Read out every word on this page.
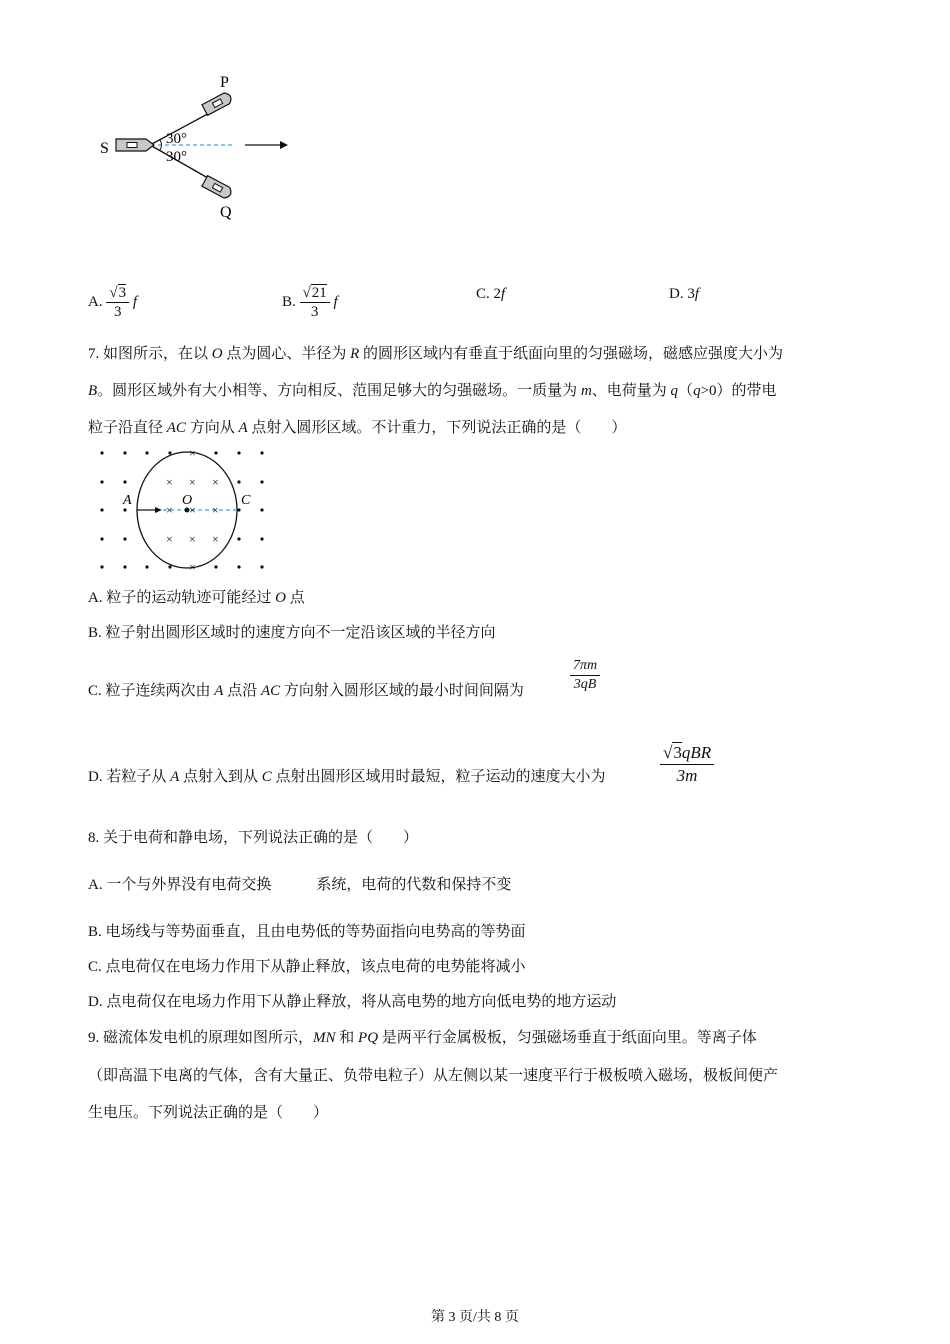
S
P
Q
30°
30°
A. $\frac{√3}{3}$ f	B. $\frac{√21}{3}$ f	C. 2f	D. 3f
7. 如图所示，在以 O 点为圆心、半径为 R 的圆形区域内有垂直于纸面向里的匀强磁场，磁感应强度大小为
B。圆形区域外有大小相等、方向相反、范围足够大的匀强磁场。一质量为 m、电荷量为 q（q>0）的带电
粒子沿直径 AC 方向从 A 点射入圆形区域。不计重力，下列说法正确的是（　　）
A	O	C
×
× × ×
× × ×
× × ×
×
A. 粒子的运动轨迹可能经过 O 点
B. 粒子射出圆形区域时的速度方向不一定沿该区域的半径方向
C. 粒子连续两次由 A 点沿 AC 方向射入圆形区域的最小时间间隔为	$\frac{7\pi m}{3qB}$
D. 若粒子从 A 点射入到从 C 点射出圆形区域用时最短，粒子运动的速度大小为
√3qBR
3m
8. 关于电荷和静电场，下列说法正确的是（　　）
A. 一个与外界没有电荷交换　　　系统，电荷的代数和保持不变
B. 电场线与等势面垂直，且由电势低的等势面指向电势高的等势面
C. 点电荷仅在电场力作用下从静止释放，该点电荷的电势能将减小
D. 点电荷仅在电场力作用下从静止释放，将从高电势的地方向低电势的地方运动
9. 磁流体发电机的原理如图所示，MN 和 PQ 是两平行金属极板，匀强磁场垂直于纸面向里。等离子体
（即高温下电离的气体，含有大量正、负带电粒子）从左侧以某一速度平行于极板喷入磁场，极板间便产
生电压。下列说法正确的是（　　）
第 3 页/共 8 页
